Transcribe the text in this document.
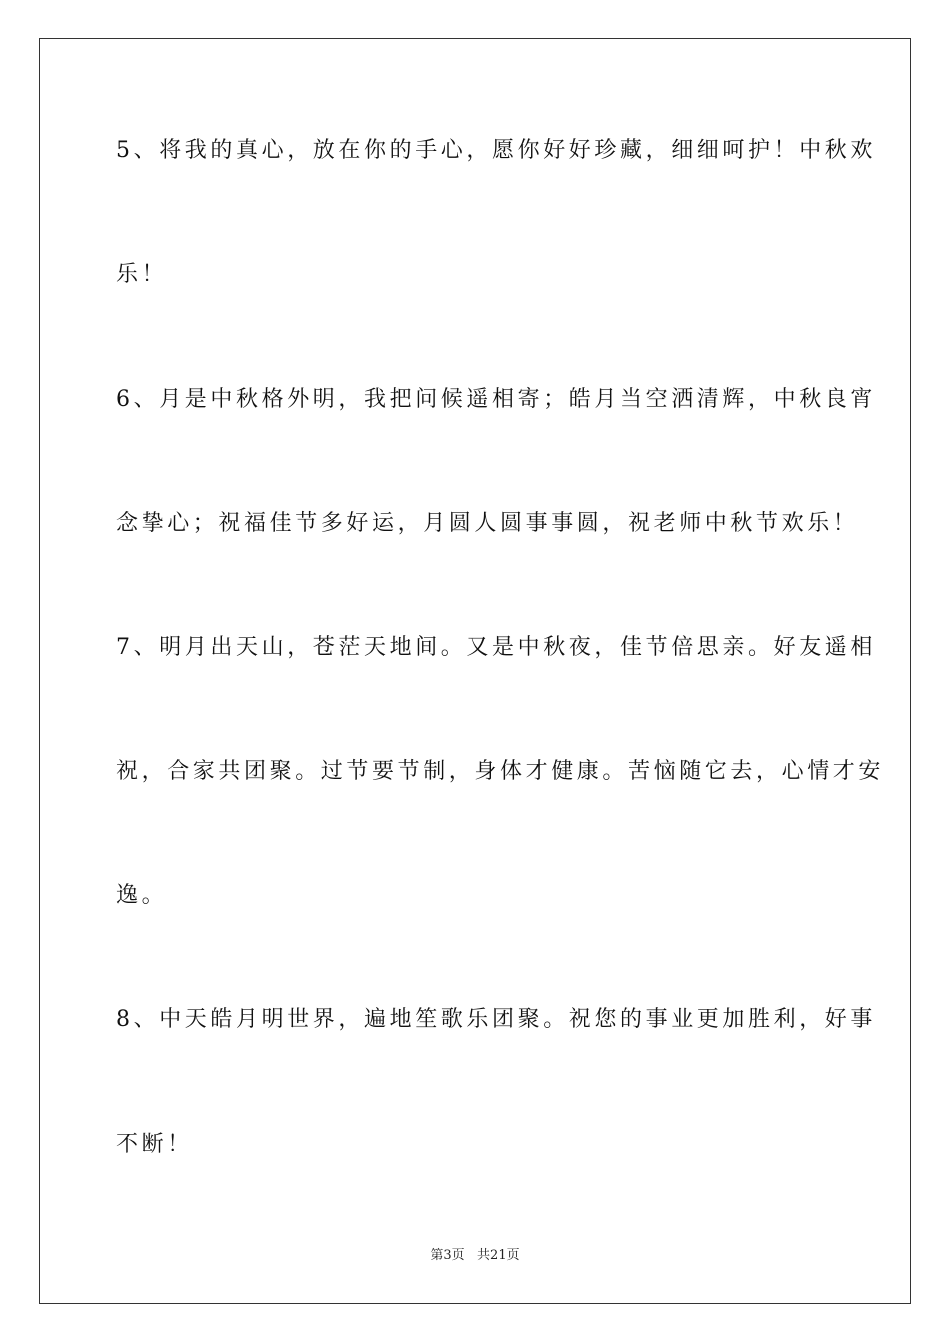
5、将我的真心，放在你的手心，愿你好好珍藏，细细呵护！中秋欢
乐！
6、月是中秋格外明，我把问候遥相寄；皓月当空洒清辉，中秋良宵
念挚心；祝福佳节多好运，月圆人圆事事圆，祝老师中秋节欢乐！
7、明月出天山，苍茫天地间。又是中秋夜，佳节倍思亲。好友遥相
祝，合家共团聚。过节要节制，身体才健康。苦恼随它去，心情才安
逸。
8、中天皓月明世界，遍地笙歌乐团聚。祝您的事业更加胜利，好事
不断！
第3页   共21页
